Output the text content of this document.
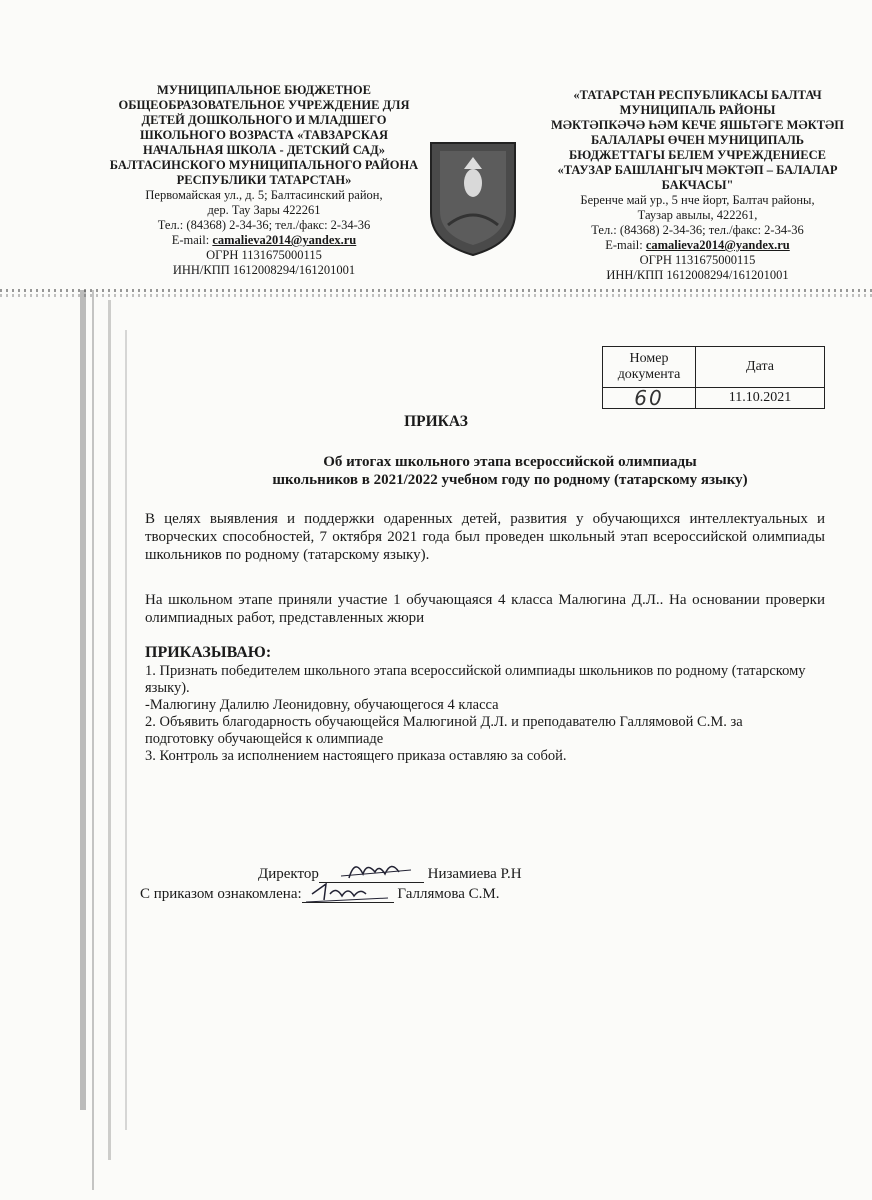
МУНИЦИПАЛЬНОЕ БЮДЖЕТНОЕ
ОБЩЕОБРАЗОВАТЕЛЬНОЕ УЧРЕЖДЕНИЕ ДЛЯ
ДЕТЕЙ ДОШКОЛЬНОГО И МЛАДШЕГО
ШКОЛЬНОГО ВОЗРАСТА «ТАВЗАРСКАЯ
НАЧАЛЬНАЯ ШКОЛА - ДЕТСКИЙ САД»
БАЛТАСИНСКОГО МУНИЦИПАЛЬНОГО РАЙОНА
РЕСПУБЛИКИ ТАТАРСТАН»
Первомайская ул., д. 5; Балтасинский район,
дер. Тау Зары 422261
Тел.: (84368) 2-34-36; тел./факс: 2-34-36
E-mail: camalieva2014@yandex.ru
ОГРН 1131675000115
ИНН/КПП 1612008294/161201001
«ТАТАРСТАН РЕСПУБЛИКАСЫ БАЛТАЧ
МУНИЦИПАЛЬ РАЙОНЫ
МӘКТӘПКӘЧӘ ҺӘМ КЕЧЕ ЯШЬТӘГЕ МӘКТӘП
БАЛАЛАРЫ ӨЧЕН МУНИЦИПАЛЬ
БЮДЖЕТТАГЫ БЕЛЕМ УЧРЕЖДЕНИЕСЕ
«ТАУЗАР БАШЛАНГЫЧ МӘКТӘП – БАЛАЛАР
БАКЧАСЫ"
Беренче май ур., 5 нче йорт, Балтач районы,
Таузар авылы, 422261,
Тел.: (84368) 2-34-36; тел./факс: 2-34-36
E-mail: camalieva2014@yandex.ru
ОГРН 1131675000115
ИНН/КПП 1612008294/161201001
Номер документа	Дата
60	11.10.2021
ПРИКАЗ
Об итогах школьного этапа всероссийской олимпиады
школьников в 2021/2022 учебном году по родному (татарскому языку)
В целях выявления и поддержки одаренных детей, развития у обучающихся интеллектуальных и творческих способностей, 7 октября 2021 года был проведен школьный этап всероссийской олимпиады школьников по родному (татарскому языку).
На школьном этапе приняли участие 1 обучающаяся 4 класса Малюгина Д.Л.. На основании проверки олимпиадных работ, представленных жюри
ПРИКАЗЫВАЮ:
1. Признать победителем школьного этапа всероссийской олимпиады школьников по родному (татарскому языку).
-Малюгину Далилю Леонидовну, обучающегося 4 класса
2. Объявить благодарность обучающейся Малюгиной Д.Л. и преподавателю Галлямовой С.М. за подготовку обучающейся к олимпиаде
3. Контроль за исполнением настоящего приказа оставляю за собой.
Директор	Низамиева Р.Н
С приказом ознакомлена:	Галлямова С.М.
